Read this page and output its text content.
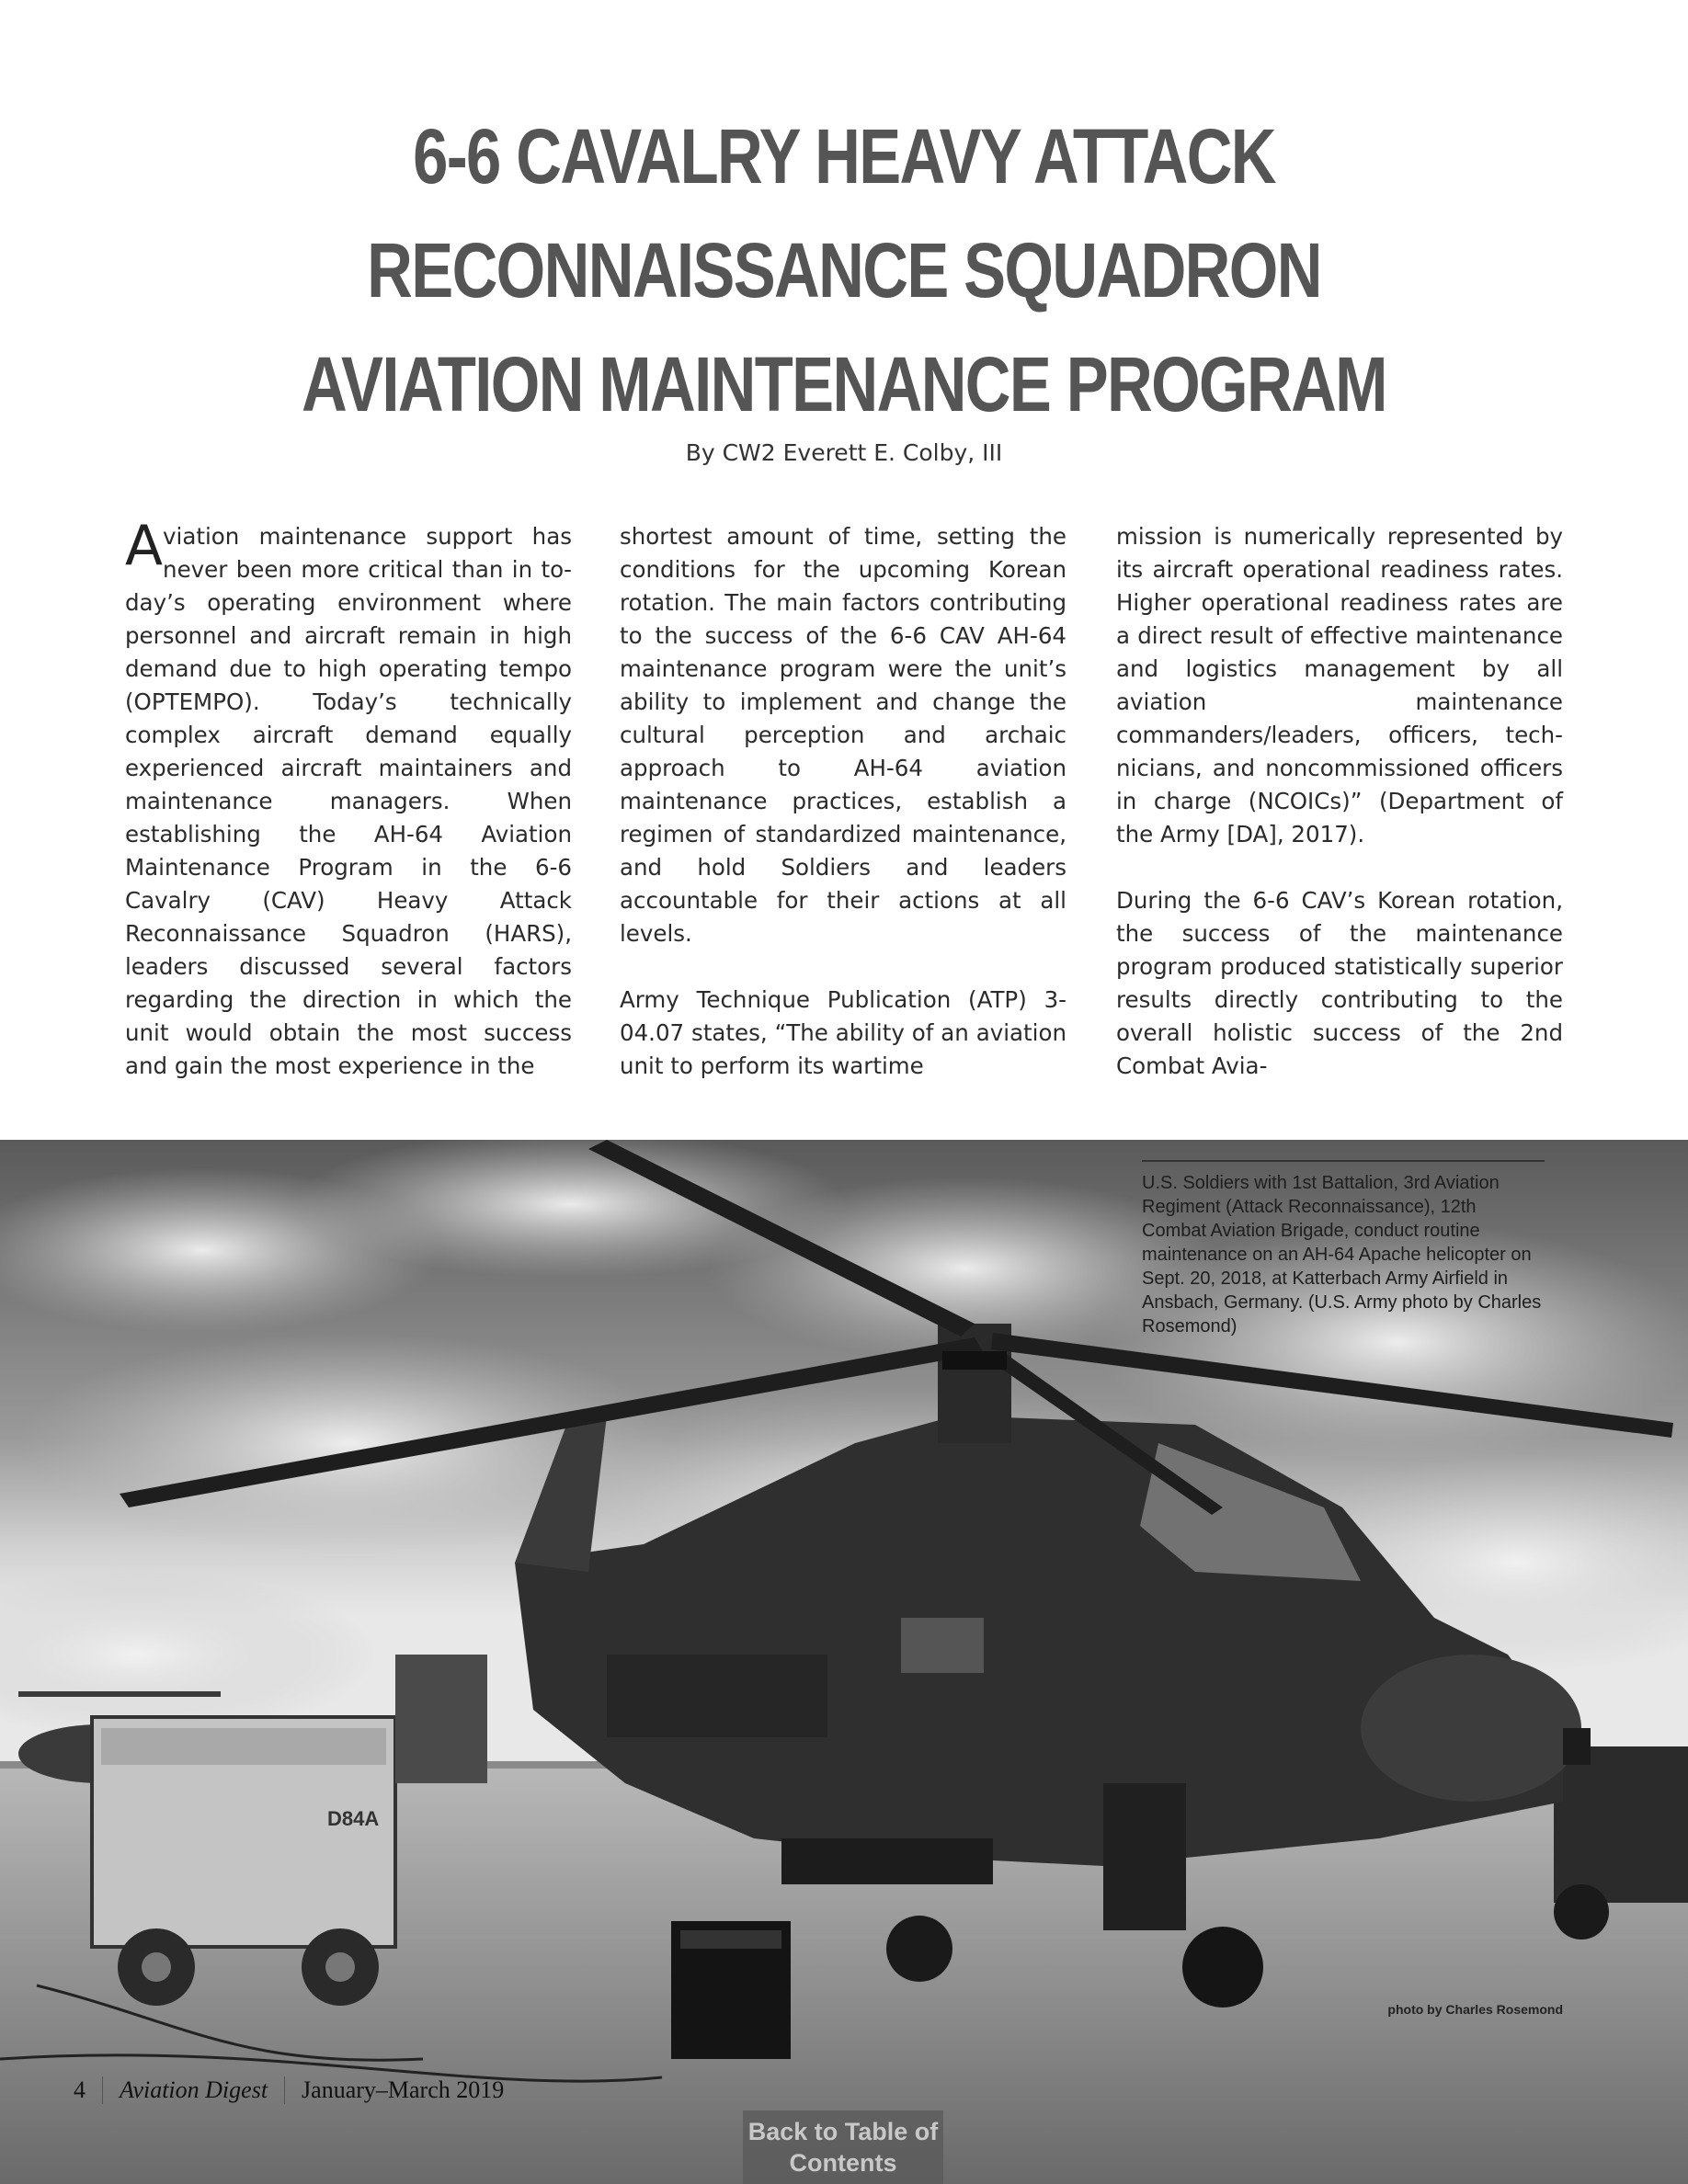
6-6 CAVALRY HEAVY ATTACK RECONNAISSANCE SQUADRON AVIATION MAINTENANCE PROGRAM
By CW2 Everett E. Colby, III

Aviation maintenance support has never been more critical than in today’s operating environment where personnel and aircraft remain in high demand due to high operating tempo (OPTEMPO). Today’s technically complex aircraft demand equally experienced aircraft maintainers and maintenance managers. When establishing the AH-64 Aviation Maintenance Program in the 6-6 Cavalry (CAV) Heavy Attack Reconnaissance Squadron (HARS), leaders discussed several factors regarding the direction in which the unit would obtain the most success and gain the most experience in the

shortest amount of time, setting the conditions for the upcoming Korean rotation. The main factors contributing to the success of the 6-6 CAV AH-64 maintenance program were the unit’s ability to implement and change the cultural perception and archaic approach to AH-64 aviation maintenance practices, establish a regimen of standardized maintenance, and hold Soldiers and leaders accountable for their actions at all levels.

Army Technique Publication (ATP) 3-04.07 states, “The ability of an aviation unit to perform its wartime

mission is numerically represented by its aircraft operational readiness rates. Higher operational readiness rates are a direct result of effective maintenance and logistics management by all aviation maintenance commanders/leaders, officers, technicians, and noncommissioned officers in charge (NCOICs)” (Department of the Army [DA], 2017).

During the 6-6 CAV’s Korean rotation, the success of the maintenance program produced statistically superior results directly contributing to the overall holistic success of the 2nd Combat Avia-

D84A
U.S. Soldiers with 1st Battalion, 3rd Aviation Regiment (Attack Reconnaissance), 12th Combat Aviation Brigade, conduct routine maintenance on an AH-64 Apache helicopter on Sept. 20, 2018, at Katterbach Army Airfield in Ansbach, Germany. (U.S. Army photo by Charles Rosemond)
photo by Charles Rosemond
4 Aviation Digest January–March 2019
Back to Table of Contents
